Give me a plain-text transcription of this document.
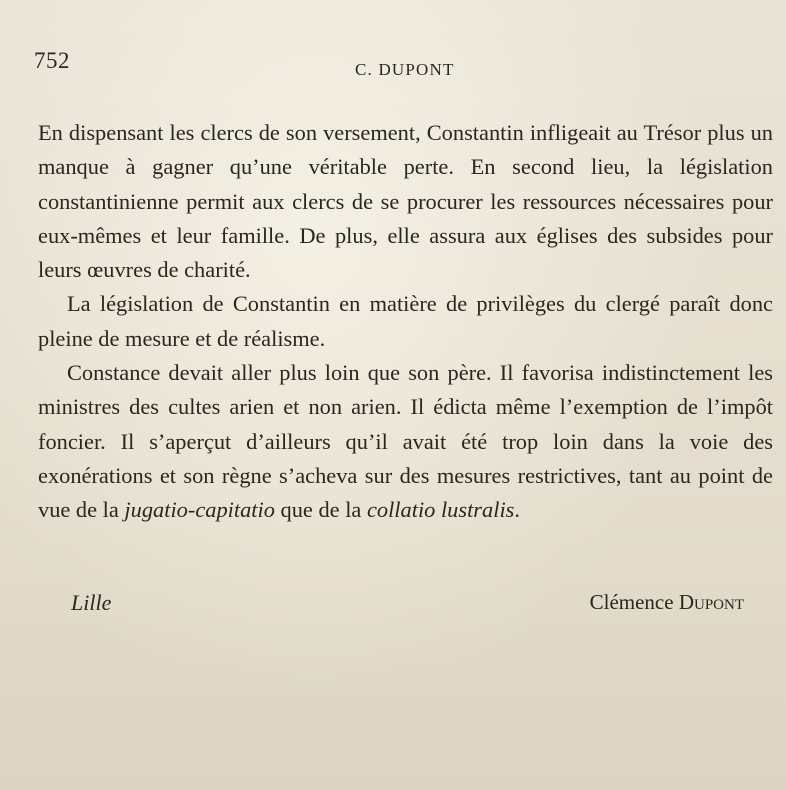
752	C. DUPONT

En dispensant les clercs de son versement, Constantin infligeait au Trésor plus un manque à gagner qu’une véritable perte. En second lieu, la législation constantinienne permit aux clercs de se procurer les ressources nécessaires pour eux-mêmes et leur famille. De plus, elle assura aux églises des subsides pour leurs œuvres de charité.

La législation de Constantin en matière de privilèges du clergé paraît donc pleine de mesure et de réalisme.

Constance devait aller plus loin que son père. Il favorisa indistinctement les ministres des cultes arien et non arien. Il édicta même l’exemption de l’impôt foncier. Il s’aperçut d’ailleurs qu’il avait été trop loin dans la voie des exonérations et son règne s’acheva sur des mesures restrictives, tant au point de vue de la jugatio-capitatio que de la collatio lustralis.

Lille	Clémence Dupont
